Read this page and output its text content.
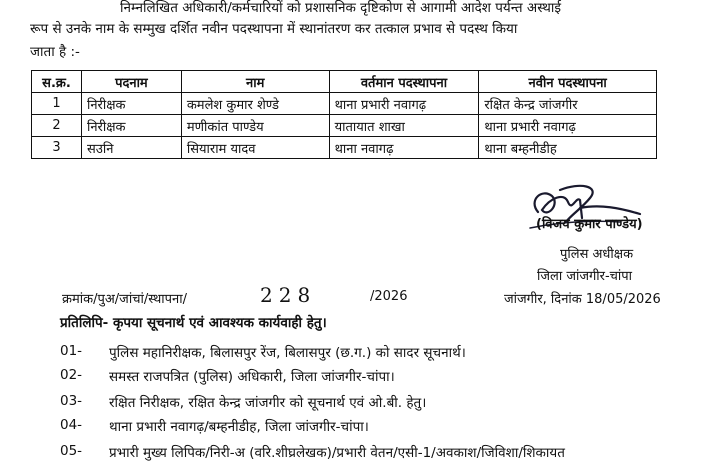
निम्नलिखित अधिकारी/कर्मचारियों को प्रशासनिक दृष्टिकोण से आगामी आदेश पर्यन्त अस्थाई
रूप से उनके नाम के सम्मुख दर्शित नवीन पदस्थापना में स्थानांतरण कर तत्काल प्रभाव से पदस्थ किया
जाता है :-
स.क्र.	पदनाम	नाम	वर्तमान पदस्थापना	नवीन पदस्थापना
1	निरीक्षक	कमलेश कुमार शेण्डे	थाना प्रभारी नवागढ़	रक्षित केन्द्र जांजगीर
2	निरीक्षक	मणीकांत पाण्डेय	यातायात शाखा	थाना प्रभारी नवागढ़
3	सउनि	सियाराम यादव	थाना नवागढ़	थाना बम्हनीडीह
(विजय कुमार पाण्डेय)
पुलिस अधीक्षक
जिला जांजगीर-चांपा
क्रमांक/पुअ/जांचां/स्थापना/	228	/2026	जांजगीर, दिनांक 18/05/2026
प्रतिलिपि- कृपया सूचनार्थ एवं आवश्यक कार्यवाही हेतु।
01- पुलिस महानिरीक्षक, बिलासपुर रेंज, बिलासपुर (छ.ग.) को सादर सूचनार्थ।
02- समस्त राजपत्रित (पुलिस) अधिकारी, जिला जांजगीर-चांपा।
03- रक्षित निरीक्षक, रक्षित केन्द्र जांजगीर को सूचनार्थ एवं ओ.बी. हेतु।
04- थाना प्रभारी नवागढ़/बम्हनीडीह, जिला जांजगीर-चांपा।
05- प्रभारी मुख्य लिपिक/निरी-अ (वरि.शीघ्रलेखक)/प्रभारी वेतन/एसी-1/अवकाश/जिविशा/शिकायत
